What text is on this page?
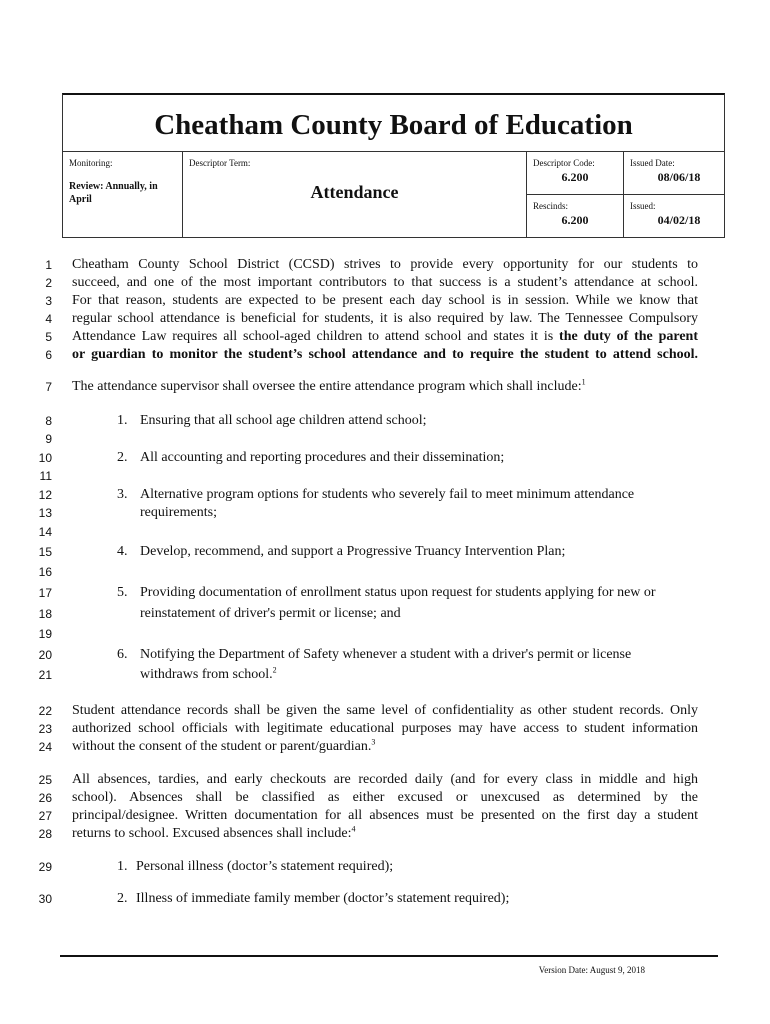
Cheatham County Board of Education
Monitoring:
Review: Annually, in April
Descriptor Term:
Attendance
Descriptor Code:
6.200
Issued Date:
08/06/18
Rescinds:
6.200
Issued:
04/02/18
1
2
3
4
5
6
7
8
9
10
11
12
13
14
15
16
17
18
19
20
21
22
23
24
25
26
27
28
29
30
Cheatham County School District (CCSD) strives to provide every opportunity for our students to
succeed, and one of the most important contributors to that success is a student’s attendance at school.
For that reason, students are expected to be present each day school is in session. While we know that
regular school attendance is beneficial for students, it is also required by law. The Tennessee Compulsory
Attendance Law requires all school-aged children to attend school and states it is the duty of the parent
or guardian to monitor the student’s school attendance and to require the student to attend school.
The attendance supervisor shall oversee the entire attendance program which shall include:$^1$
1. Ensuring that all school age children attend school;
2. All accounting and reporting procedures and their dissemination;
3. Alternative program options for students who severely fail to meet minimum attendance
requirements;
4. Develop, recommend, and support a Progressive Truancy Intervention Plan;
5. Providing documentation of enrollment status upon request for students applying for new or
reinstatement of driver's permit or license; and
6. Notifying the Department of Safety whenever a student with a driver's permit or license
withdraws from school.$^2$
Student attendance records shall be given the same level of confidentiality as other student records. Only
authorized school officials with legitimate educational purposes may have access to student information
without the consent of the student or parent/guardian.$^3$
All absences, tardies, and early checkouts are recorded daily (and for every class in middle and high
school). Absences shall be classified as either excused or unexcused as determined by the
principal/designee. Written documentation for all absences must be presented on the first day a student
returns to school. Excused absences shall include:$^4$
1. Personal illness (doctor’s statement required);
2. Illness of immediate family member (doctor’s statement required);
Version Date: August 9, 2018
